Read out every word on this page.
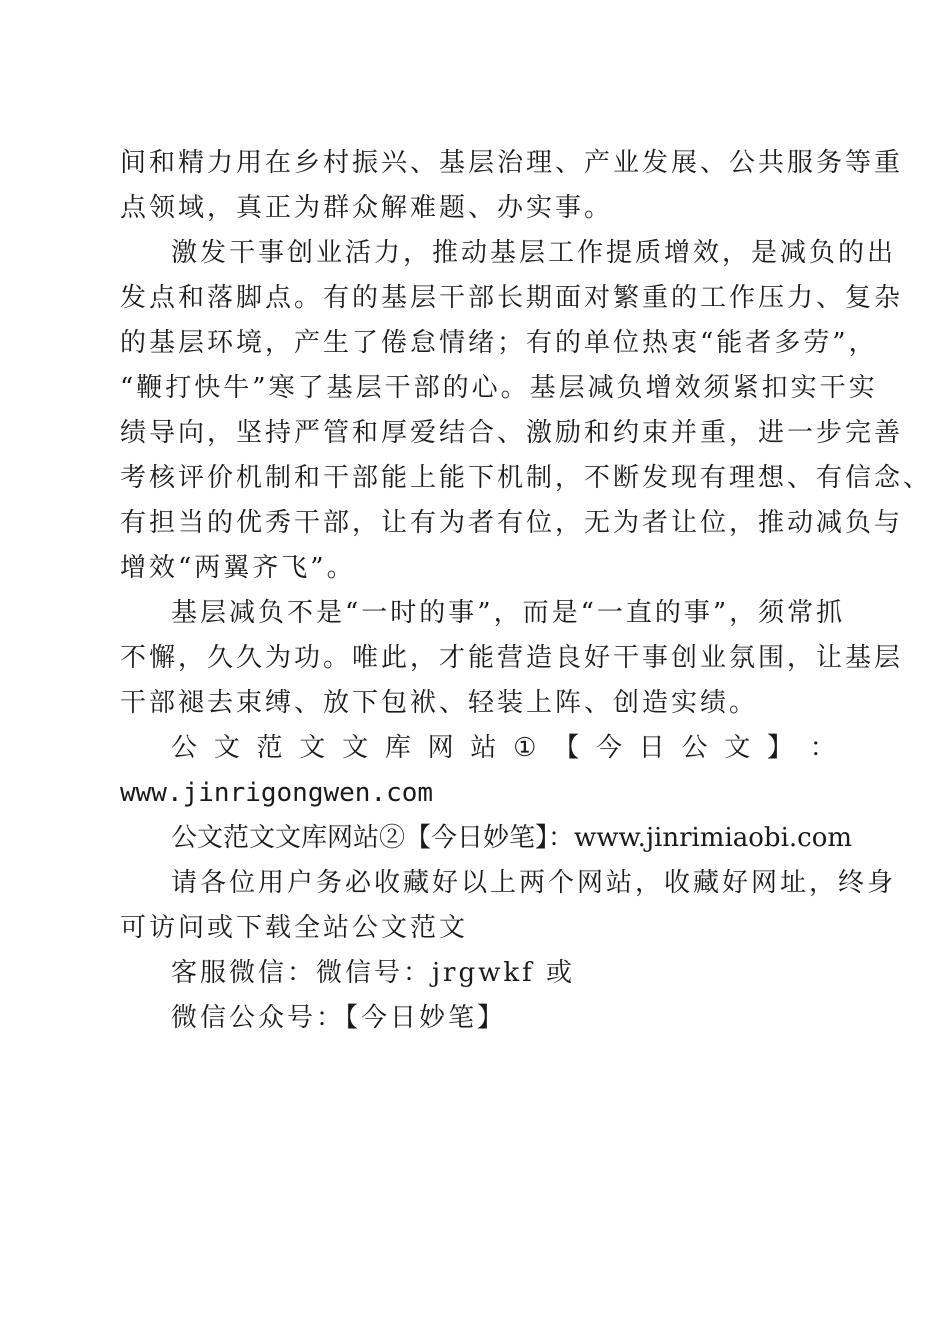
间和精力用在乡村振兴、基层治理、产业发展、公共服务等重

点领域，真正为群众解难题、办实事。

激发干事创业活力，推动基层工作提质增效，是减负的出

发点和落脚点。有的基层干部长期面对繁重的工作压力、复杂

的基层环境，产生了倦怠情绪；有的单位热衷“能者多劳”，

“鞭打快牛”寒了基层干部的心。基层减负增效须紧扣实干实

绩导向，坚持严管和厚爱结合、激励和约束并重，进一步完善

考核评价机制和干部能上能下机制，不断发现有理想、有信念、

有担当的优秀干部，让有为者有位，无为者让位，推动减负与

增效“两翼齐飞”。

基层减负不是“一时的事”，而是“一直的事”，须常抓

不懈，久久为功。唯此，才能营造良好干事创业氛围，让基层

干部褪去束缚、放下包袱、轻装上阵、创造实绩。

公 文 范 文 文 库 网 站 ① 【 今 日 公 文 】 ：

www.jinrigongwen.com

公文范文文库网站②【今日妙笔】：www.jinrimiaobi.com

请各位用户务必收藏好以上两个网站，收藏好网址，终身

可访问或下载全站公文范文

客服微信：微信号：jrgwkf 或

微信公众号：【今日妙笔】
